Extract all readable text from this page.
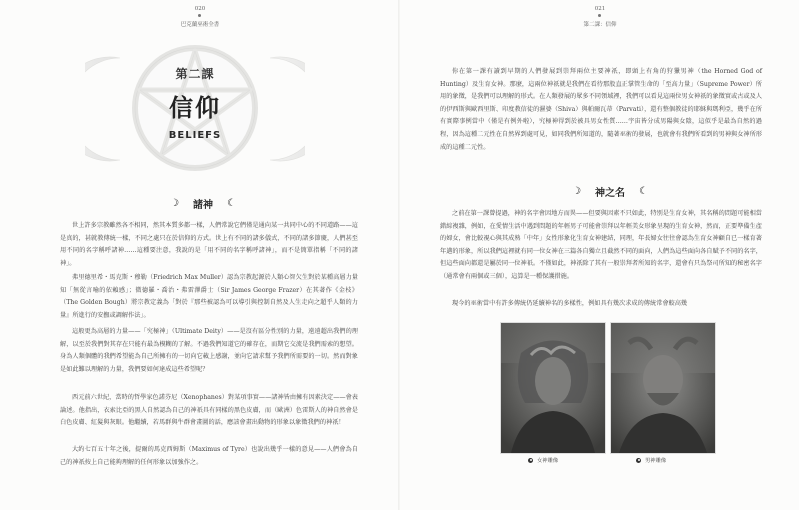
020
巴克蘭巫術全書
第二課
信仰
BELIEFS
☽ 諸神 ☾
世上許多宗教雖然各不相同，然其本質多都一樣，人們常說它們僅是通向某一共同中心的不同道路——這是真的，甚就教傳統一樣，不同之處只在於信仰的方式。世上有不同的諸多儀式，不同的諸多節慶，人們甚至用不同的名字稱呼諸神……這種要注意，我說的是「用不同的名字稱呼諸神」，而不是簡單指稱「不同的諸神」。
弗里德里希・馬克斯・穆勒（Friedrich Max Muller）認為宗教起源於人類心智欠生對於某種高層力量知「無從言喻的依賴感」；微德羅・喬治・弗雷澤爵士（Sir James George Frazer）在其著作《金枝》（The Golden Bough）將宗教定義為「對於『那些被認為可以導引與控制自然及人生走向之超乎人類的力量』所進行的安撫或調解作法」。
這般更為高層的力量——「究極神」（Ultimate Deity）——是沒有區分性別的力量，遠遠超出我們的理解，以至於我們對其存在只能有最為模糊的了解。不過我們知道它的確存在，而期它交流是我們需索的想望。身為人類個體的我們希望能為自己所擁有的一切向它載上感謝，並向它請求幫予我們所需要的一切。然而對象是如此難以理解的力量，我們要如何達成這些希望呢？
西元前六世紀，當時的哲學家色諾芬尼（Xenophanes）對某項事實——諸神皆由擁有因素決定——會表論述。他指出，衣索比亞的黑人自然認為自己的神祇具有同樣的黑色皮膚，而（歐洲）色雷斯人的神自然會是白色皮膚、紅髮與灰眼。他繼續，若馬群與牛群會畫圖的話，應該會畫出動物的形象以象徵我們的神祇！
大約七百五十年之後，提爾的馬克西姆斯（Maximus of Tyre）也說出幾乎一樣的意見——人們會為自己的神祇按上自己能夠理解的任何形象以加強作之。
021
第二課：信仰
你在第一課有讀到早期的人們發展到崇拜兩位主要神祇，即頭上有角的狩獵男神（the Horned God of Hunting）及生育女神。那麼，這兩位神祇就是我們在看待那股直正掌管生命的「至高力量」（Supreme Power）所用的象徵，是我們可以理解的形式。在人類發展的眾多不同領域裡，我們可以看見這兩位男女神祇的象徵實或古或及人的伊西斯與歐西里斯、印度教信徒的濕婆（Shiva）與帕爾瓦蒂（Parvati），還有整個教徒的耶穌與瑪利亞，幾乎在所有實際事例當中（僅是有例外啦），究極神得到於被具男女性質……宇宙皆分成男陽與女陰，這似乎是最為自然的過程，因為這種二元性在自然界到處可見，如同我們所知道的，隨著巫術的發展，也就會有我們所看到的男神與女神所形成的這種二元性。
☽ 神之名 ☾
之前在第一課曾提過，神的名字會因地方而異——但要與因素不只如此，特別是生育女神，其名稱的問題可能相當錯綜複雜，例如，在愛情生活中遇到問題的年輕男子可能會崇拜以年輕美女形象呈現的生育女神，然而，正要準備生產的婦女，會比較視心與其成熟「中年」女性形象化生育女神建結，同理，年長婦女往往會認為生育女神顧自已一樣育著年邁的形象，所以我們這裡就有同一位女神在三篇各自獨立且截然不同的面向，人們為這些面向各自賦予不同的名字，但這些面向都還是屬於同一位神祇。不僅如此，神祇除了其有一般崇拜者所知的名字，還會有只為祭司所知的秘密名字（通常會有兩個或三個），這算是一種保護措施。
現今的巫術當中有許多傳統仍延續神名的多樣性，例如具有幾次求成的傳統常會較高幾
女神雕像	男神雕像
